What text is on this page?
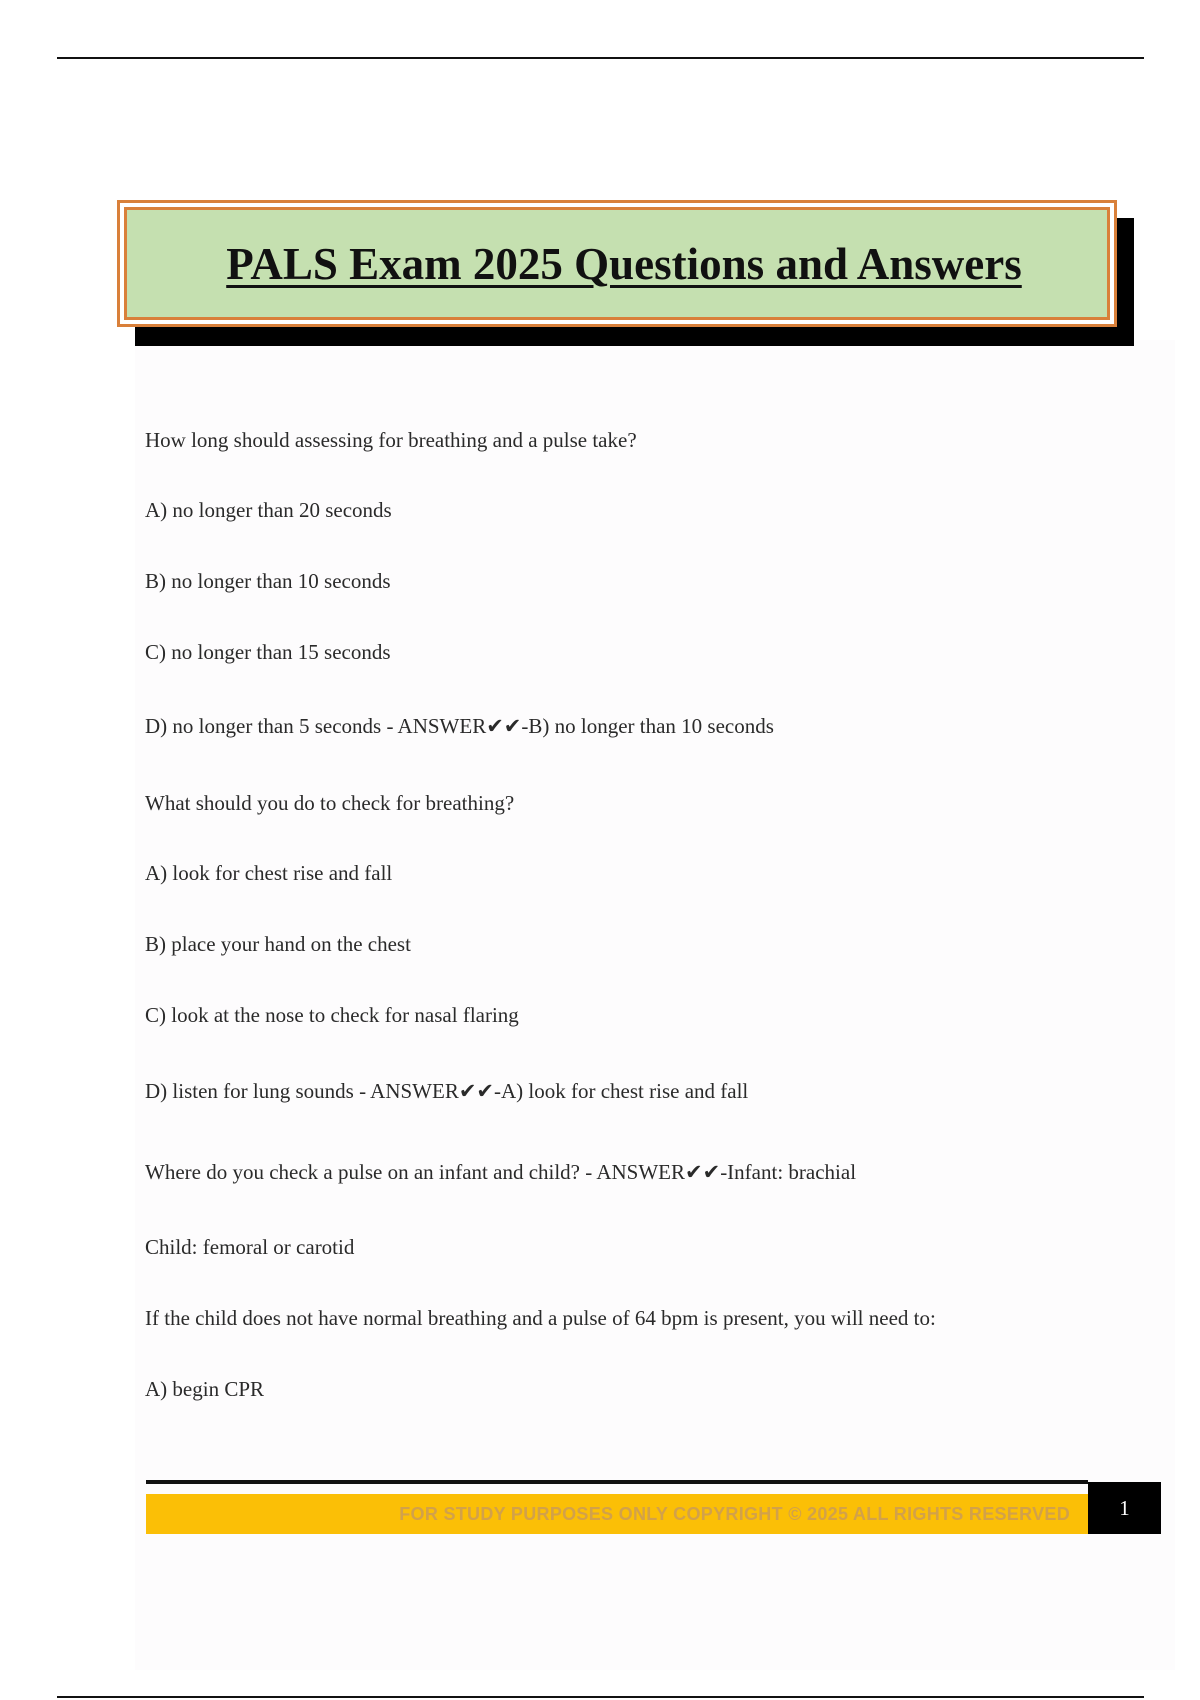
PALS Exam 2025 Questions and Answers

How long should assessing for breathing and a pulse take?

A) no longer than 20 seconds

B) no longer than 10 seconds

C) no longer than 15 seconds

D) no longer than 5 seconds - ANSWER✔✔-B) no longer than 10 seconds

What should you do to check for breathing?

A) look for chest rise and fall

B) place your hand on the chest

C) look at the nose to check for nasal flaring

D) listen for lung sounds - ANSWER✔✔-A) look for chest rise and fall

Where do you check a pulse on an infant and child? - ANSWER✔✔-Infant: brachial

Child: femoral or carotid

If the child does not have normal breathing and a pulse of 64 bpm is present, you will need to:

A) begin CPR

FOR STUDY PURPOSES ONLY COPYRIGHT © 2025 ALL RIGHTS RESERVED 1
